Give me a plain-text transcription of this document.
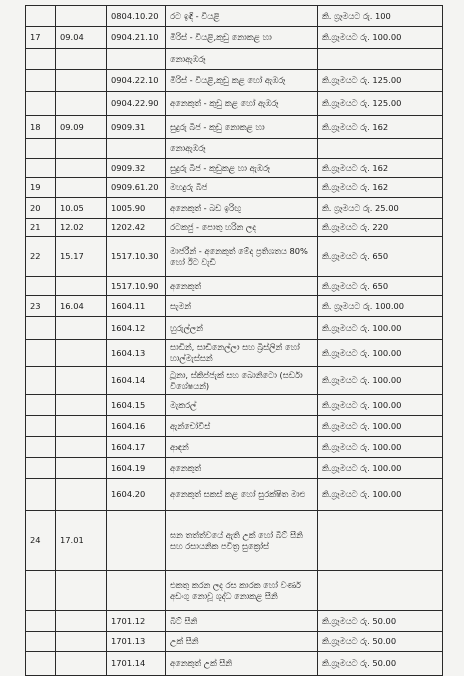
		0804.10.20	රට ඉඳි - වියළි	කි. ග්‍රෑමයට රු. 100
17	09.04	0904.21.10	මිරිස් - වියළි,කුඩු නොකළ හා	කි.ග්‍රෑමයට රු. 100.00
			නොඇඹරූ	
		0904.22.10	මිරිස් - වියළි,කුඩු කළ හෝ ඇඹරූ	කි.ග්‍රෑමයට රු. 125.00
		0904.22.90	අනෙකුත් - කුඩු කළ හෝ ඇඹරූ	කි.ග්‍රෑමයට රු. 125.00
18	09.09	0909.31	සුදුරු බීජ - කුඩු නොකළ හා	කි.ග්‍රෑමයට රු. 162
			නොඇඹරූ	
		0909.32	සුදුරු බීජ - කුඩුකළ හා ඇඹරූ	කි.ග්‍රෑමයට රු. 162
19		0909.61.20	මහදුරු බීජ	කි.ග්‍රෑමයට රු. 162
20	10.05	1005.90	අනෙකුත් - බඩ ඉරිඟු	කි. ග්‍රෑමයට රු. 25.00
21	12.02	1202.42	රටකජු - පොතු හරින ලද	කි.ග්‍රෑමයට රු. 220
22	15.17	1517.10.30	මාජරීන් - අනෙකුත් මේද ප්‍රතිශතය 80% හෝ ඊට වැඩි	කි.ග්‍රෑමයට රු. 650
		1517.10.90	අනෙකුත්	කි.ග්‍රෑමයට රු. 650
23	16.04	1604.11	සැමන්	කි. ග්‍රෑමයට රු. 100.00
		1604.12	හුරුල්ලන්	කි.ග්‍රෑමයට රු. 100.00
		1604.13	සාඩින්, සාඩිනෙල්ලා සහ බ්‍රිස්ලින් හෝ හාල්මැස්සන්	කි.ග්‍රෑමයට රු. 100.00
		1604.14	ටූනා, ස්කිප්ජැක් සහ බොනිටො (සර්ඩා විශේෂයන්)	කි.ග්‍රෑමයට රු. 100.00
		1604.15	මැකරල්	කි.ග්‍රෑමයට රු. 100.00
		1604.16	ඇන්චෝවීස්	කි.ග්‍රෑමයට රු. 100.00
		1604.17	ආඳන්	කි.ග්‍රෑමයට රු. 100.00
		1604.19	අනෙකුත්	කි.ග්‍රෑමයට රු. 100.00
		1604.20	අනෙකුත් සකස් කළ හෝ සුරක්ෂිත මාළු	කි.ග්‍රෑමයට රු. 100.00
24	17.01		ඝන තත්ත්වයේ ඇති උක් හෝ බීට් සීනි සහ රසායනික පවිත්‍ර සුක්‍රෝස්	
			එකතු කරන ලද රස කාරක හෝ වර්ණ අඩංගු නොවූ ශුද්ධ නොකළ සීනි	
		1701.12	බීට් සීනි	කි.ග්‍රෑමයට රු. 50.00
		1701.13	උක් සීනි	කි.ග්‍රෑමයට රු. 50.00
		1701.14	අනෙකුත් උක් සීනි	කි.ග්‍රෑමයට රු. 50.00
